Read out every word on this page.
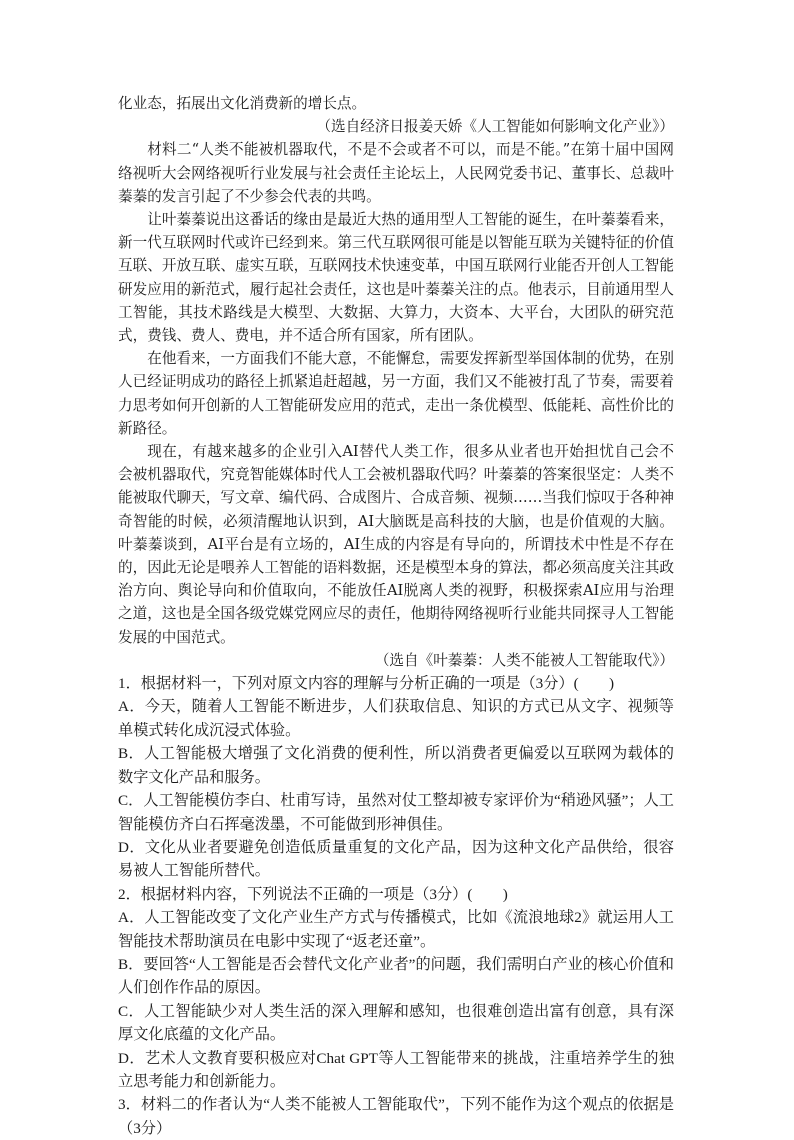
化业态，拓展出文化消费新的增长点。

（选自经济日报姜天娇《人工智能如何影响文化产业》）

材料二“人类不能被机器取代，不是不会或者不可以，而是不能。”在第十届中国网络视听大会网络视听行业发展与社会责任主论坛上，人民网党委书记、董事长、总裁叶蓁蓁的发言引起了不少参会代表的共鸣。

让叶蓁蓁说出这番话的缘由是最近大热的通用型人工智能的诞生，在叶蓁蓁看来，新一代互联网时代或许已经到来。第三代互联网很可能是以智能互联为关键特征的价值互联、开放互联、虚实互联，互联网技术快速变革，中国互联网行业能否开创人工智能研发应用的新范式，履行起社会责任，这也是叶蓁蓁关注的点。他表示，目前通用型人工智能，其技术路线是大模型、大数据、大算力，大资本、大平台，大团队的研究范式，费钱、费人、费电，并不适合所有国家，所有团队。

在他看来，一方面我们不能大意，不能懈怠，需要发挥新型举国体制的优势，在别人已经证明成功的路径上抓紧追赶超越，另一方面，我们又不能被打乱了节奏，需要着力思考如何开创新的人工智能研发应用的范式，走出一条优模型、低能耗、高性价比的新路径。

现在，有越来越多的企业引入AI替代人类工作，很多从业者也开始担忧自己会不会被机器取代，究竟智能媒体时代人工会被机器取代吗？叶蓁蓁的答案很坚定：人类不能被取代聊天，写文章、编代码、合成图片、合成音频、视频……当我们惊叹于各种神奇智能的时候，必须清醒地认识到，AI大脑既是高科技的大脑，也是价值观的大脑。叶蓁蓁谈到，AI平台是有立场的，AI生成的内容是有导向的，所谓技术中性是不存在的，因此无论是喂养人工智能的语料数据，还是模型本身的算法，都必须高度关注其政治方向、舆论导向和价值取向，不能放任AI脱离人类的视野，积极探索AI应用与治理之道，这也是全国各级党媒党网应尽的责任，他期待网络视听行业能共同探寻人工智能发展的中国范式。

（选自《叶蓁蓁：人类不能被人工智能取代》）

1．根据材料一，下列对原文内容的理解与分析正确的一项是（3分）(　　)

A．今天，随着人工智能不断进步，人们获取信息、知识的方式已从文字、视频等单模式转化成沉浸式体验。

B．人工智能极大增强了文化消费的便利性，所以消费者更偏爱以互联网为载体的数字文化产品和服务。

C．人工智能模仿李白、杜甫写诗，虽然对仗工整却被专家评价为“稍逊风骚”；人工智能模仿齐白石挥毫泼墨，不可能做到形神俱佳。

D．文化从业者要避免创造低质量重复的文化产品，因为这种文化产品供给，很容易被人工智能所替代。

2．根据材料内容，下列说法不正确的一项是（3分）(　　)

A．人工智能改变了文化产业生产方式与传播模式，比如《流浪地球2》就运用人工智能技术帮助演员在电影中实现了“返老还童”。

B．要回答“人工智能是否会替代文化产业者”的问题，我们需明白产业的核心价值和人们创作作品的原因。

C．人工智能缺少对人类生活的深入理解和感知，也很难创造出富有创意，具有深厚文化底蕴的文化产品。

D．艺术人文教育要积极应对Chat GPT等人工智能带来的挑战，注重培养学生的独立思考能力和创新能力。

3．材料二的作者认为“人类不能被人工智能取代”，下列不能作为这个观点的依据是（3分）
